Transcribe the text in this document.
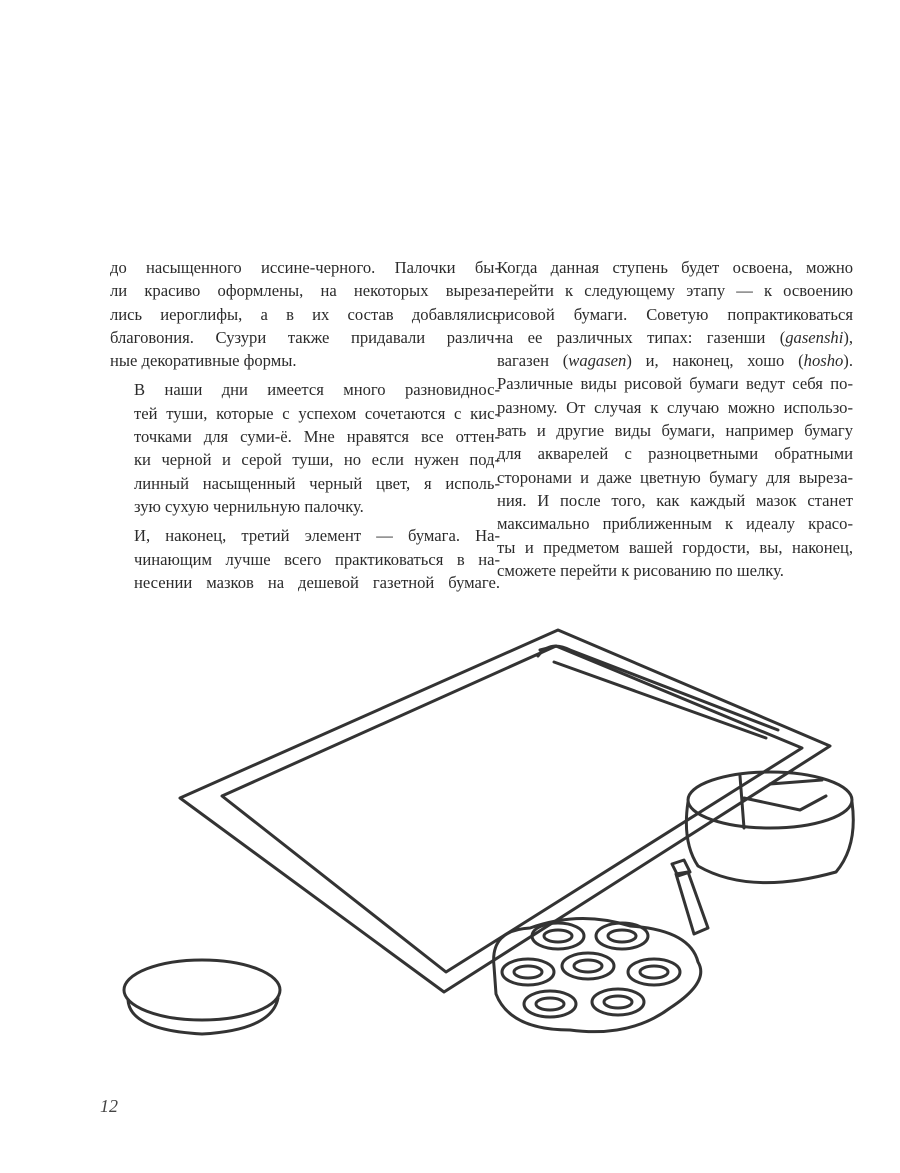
до насыщенного иссине-черного. Палочки бы-
ли красиво оформлены, на некоторых выреза-
лись иероглифы, а в их состав добавлялись
благовония. Сузури также придавали различ-
ные декоративные формы.

В наши дни имеется много разновиднос-
тей туши, которые с успехом сочетаются с кис-
точками для суми-ё. Мне нравятся все оттен-
ки черной и серой туши, но если нужен под-
линный насыщенный черный цвет, я исполь-
зую сухую чернильную палочку.

И, наконец, третий элемент — бумага. На-
чинающим лучше всего практиковаться в на-
несении мазков на дешевой газетной бумаге.

Когда данная ступень будет освоена, можно
перейти к следующему этапу — к освоению
рисовой бумаги. Советую попрактиковаться
на ее различных типах: газенши (gasenshi),
вагазен (wagasen) и, наконец, хошо (hosho).
Различные виды рисовой бумаги ведут себя по-
разному. От случая к случаю можно использо-
вать и другие виды бумаги, например бумагу
для акварелей с разноцветными обратными
сторонами и даже цветную бумагу для выреза-
ния. И после того, как каждый мазок станет
максимально приближенным к идеалу красо-
ты и предметом вашей гордости, вы, наконец,
сможете перейти к рисованию по шелку.

12
